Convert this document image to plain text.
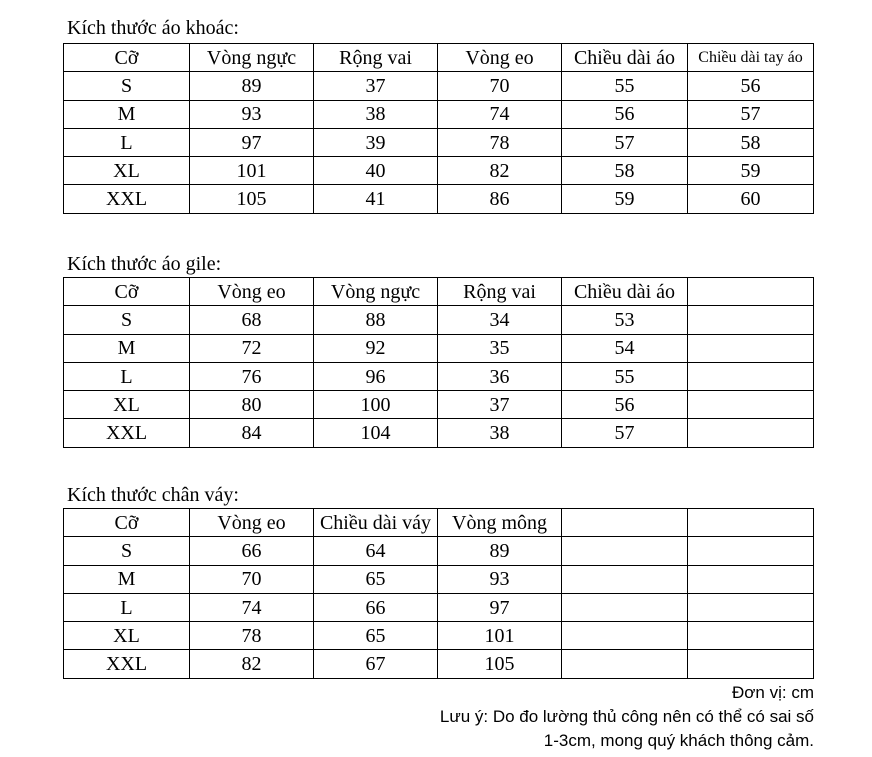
Kích thước áo khoác:
Cỡ	Vòng ngực	Rộng vai	Vòng eo	Chiều dài áo	Chiều dài tay áo
S	89	37	70	55	56
M	93	38	74	56	57
L	97	39	78	57	58
XL	101	40	82	58	59
XXL	105	41	86	59	60
Kích thước áo gile:
Cỡ	Vòng eo	Vòng ngực	Rộng vai	Chiều dài áo	
S	68	88	34	53	
M	72	92	35	54	
L	76	96	36	55	
XL	80	100	37	56	
XXL	84	104	38	57	
Kích thước chân váy:
Cỡ	Vòng eo	Chiều dài váy	Vòng mông		
S	66	64	89		
M	70	65	93		
L	74	66	97		
XL	78	65	101		
XXL	82	67	105		
Đơn vị: cm
Lưu ý: Do đo lường thủ công nên có thể có sai số
1-3cm, mong quý khách thông cảm.
